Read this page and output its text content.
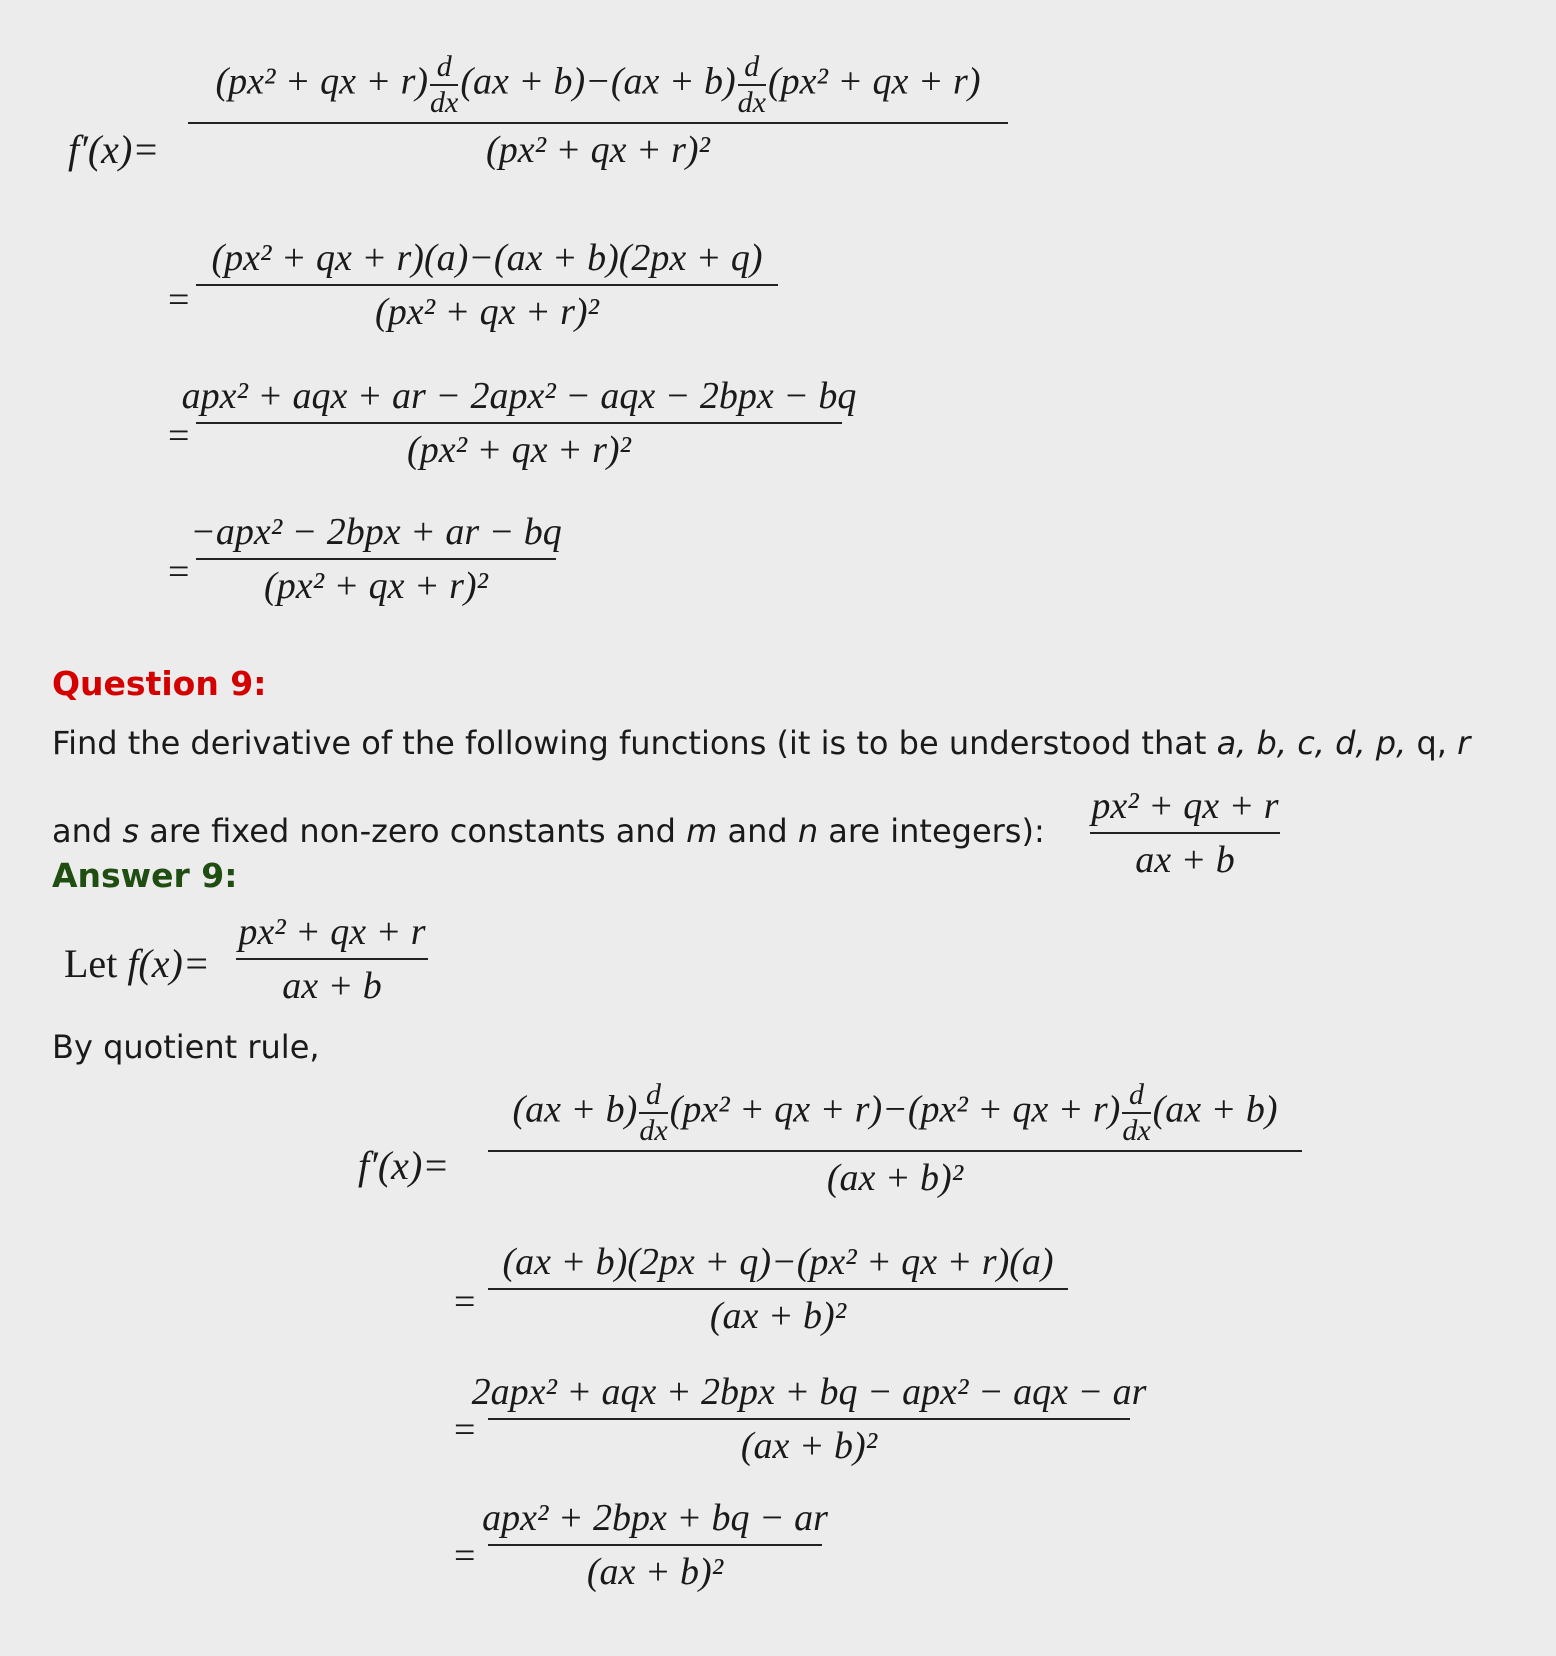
f′(x)=
(px² + qx + $r) \frac{d}{dx} (ax + b)-(ax + b) \frac{d}{dx} (px^2$ + qx + r)
(px² + qx + r)²
=
(px² + qx + r)(a)−(ax + b)(2px + q)
(px² + qx + r)²
=
apx² + aqx + ar − 2apx² − aqx − 2bpx − bq
(px² + qx + r)²
=
−apx² − 2bpx + ar − bq
(px² + qx + r)²
Question 9:
Find the derivative of the following functions (it is to be understood that a, b, c, d, p, q, r
and s are fixed non-zero constants and m and n are integers):
px² + qx + r
ax + b
Answer 9:
Let f(x)=
px² + qx + r
ax + b
By quotient rule,
f′(x)=
$(ax + b) \frac{d}{dx} (px^2$ + qx + r)−(px² + qx + $r) \frac{d}{dx} (ax + b)$
(ax + b)²
=
(ax + b)(2px + q)−(px² + qx + r)(a)
(ax + b)²
=
2apx² + aqx + 2bpx + bq − apx² − aqx − ar
(ax + b)²
=
apx² + 2bpx + bq − ar
(ax + b)²
